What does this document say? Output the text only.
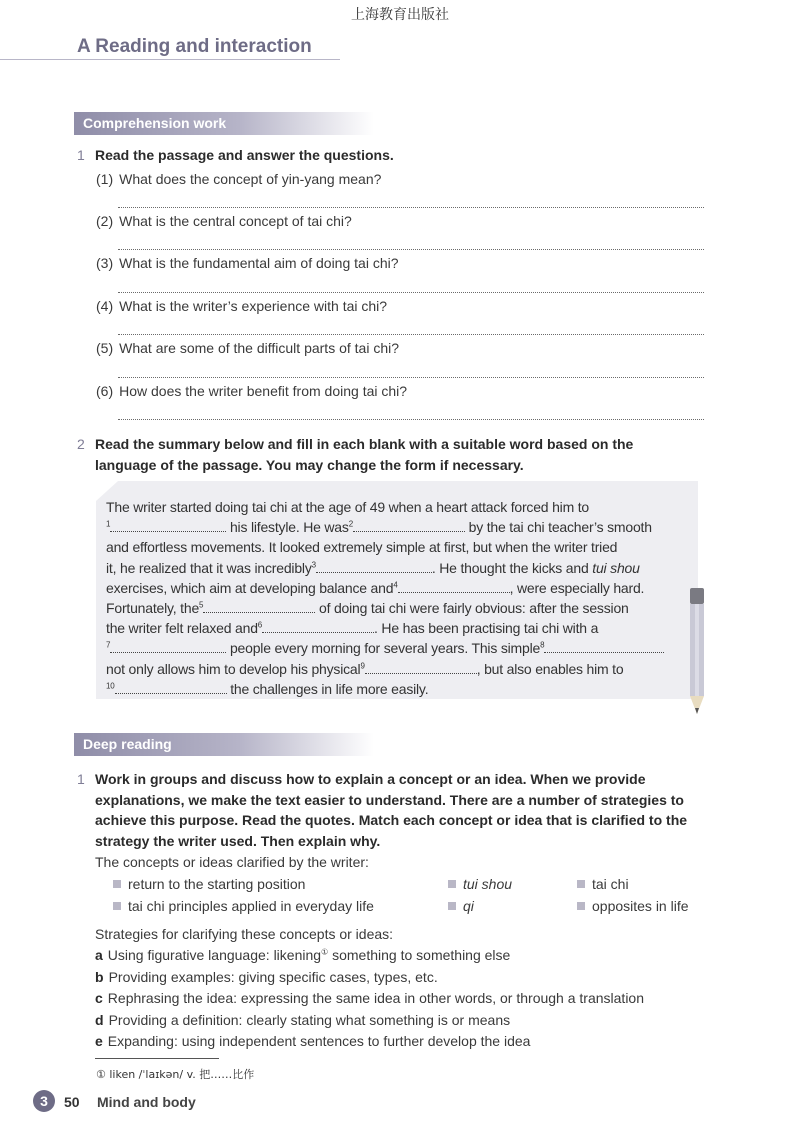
上海教育出版社
A Reading and interaction
Comprehension work
1 Read the passage and answer the questions.
(1) What does the concept of yin-yang mean?
(2) What is the central concept of tai chi?
(3) What is the fundamental aim of doing tai chi?
(4) What is the writer’s experience with tai chi?
(5) What are some of the difficult parts of tai chi?
(6) How does the writer benefit from doing tai chi?
2 Read the summary below and fill in each blank with a suitable word based on the language of the passage. You may change the form if necessary.
The writer started doing tai chi at the age of 49 when a heart attack forced him to
$^1$	his lifestyle. He was$^2$	by the tai chi teacher’s smooth
and effortless movements. It looked extremely simple at first, but when the writer tried
it, he realized that it was incredibly$^3$	. He thought the kicks and tui shou
exercises, which aim at developing balance and$^4$	, were especially hard.
Fortunately, the$^5$	of doing tai chi were fairly obvious: after the session
the writer felt relaxed and$^6$	. He has been practising tai chi with a
$^7$	people every morning for several years. This simple$^8$
not only allows him to develop his physical$^9$	, but also enables him to
$^{10}$	the challenges in life more easily.
Deep reading
1 Work in groups and discuss how to explain a concept or an idea. When we provide explanations, we make the text easier to understand. There are a number of strategies to achieve this purpose. Read the quotes. Match each concept or idea that is clarified to the strategy the writer used. Then explain why.
The concepts or ideas clarified by the writer:
return to the starting position	tui shou	tai chi
tai chi principles applied in everyday life	qi	opposites in life
Strategies for clarifying these concepts or ideas:
a Using figurative language: likening① something to something else
b Providing examples: giving specific cases, types, etc.
c Rephrasing the idea: expressing the same idea in other words, or through a translation
d Providing a definition: clearly stating what something is or means
e Expanding: using independent sentences to further develop the idea
① liken /ˈlaɪkən/ v. 把……比作
3	50 Mind and body
